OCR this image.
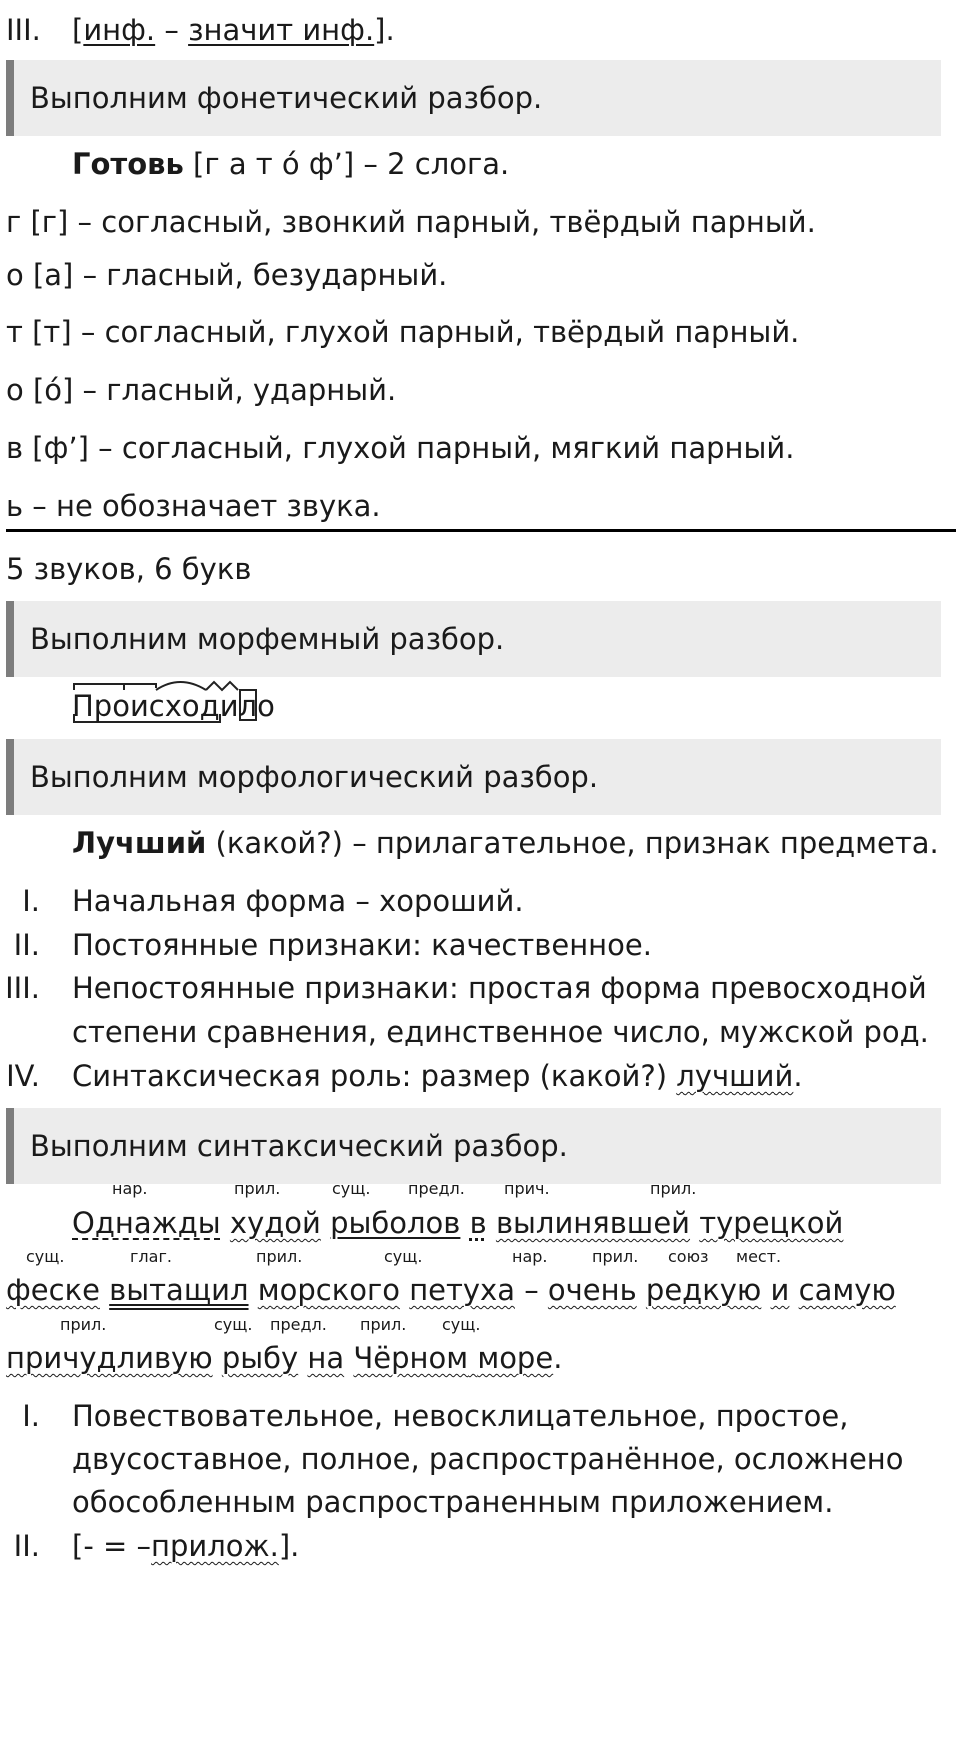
III. [инф. – значит инф.].
Выполним фонетический разбор.
Готовь [г а т ó ф’] – 2 слога.
г [г] – согласный, звонкий парный, твёрдый парный.
о [а] – гласный, безударный.
т [т] – согласный, глухой парный, твёрдый парный.
о [ó] – гласный, ударный.
в [ф’] – согласный, глухой парный, мягкий парный.
ь – не обозначает звука.
5 звуков, 6 букв
Выполним морфемный разбор.
Происходило
Выполним морфологический разбор.
Лучший (какой?) – прилагательное, признак предмета.
I. Начальная форма – хороший.
II. Постоянные признаки: качественное.
III. Непостоянные признаки: простая форма превосходной
степени сравнения, единственное число, мужской род.
IV. Синтаксическая роль: размер (какой?) лучший.
Выполним синтаксический разбор.
нар.	прил.	сущ. предл. прич.	прил.
Однажды худой рыболов в вылинявшей турецкой
сущ.	глаг.	прил.	сущ.	нар.	прил. союз мест.
феске вытащил морского петуха – очень редкую и самую
прил.	сущ. предл. прил. сущ.
причудливую рыбу на Чёрном море.
I. Повествовательное, невосклицательное, простое,
двусоставное, полное, распространённое, осложнено
обособленным распространенным приложением.
II. [- = –прилож.].
